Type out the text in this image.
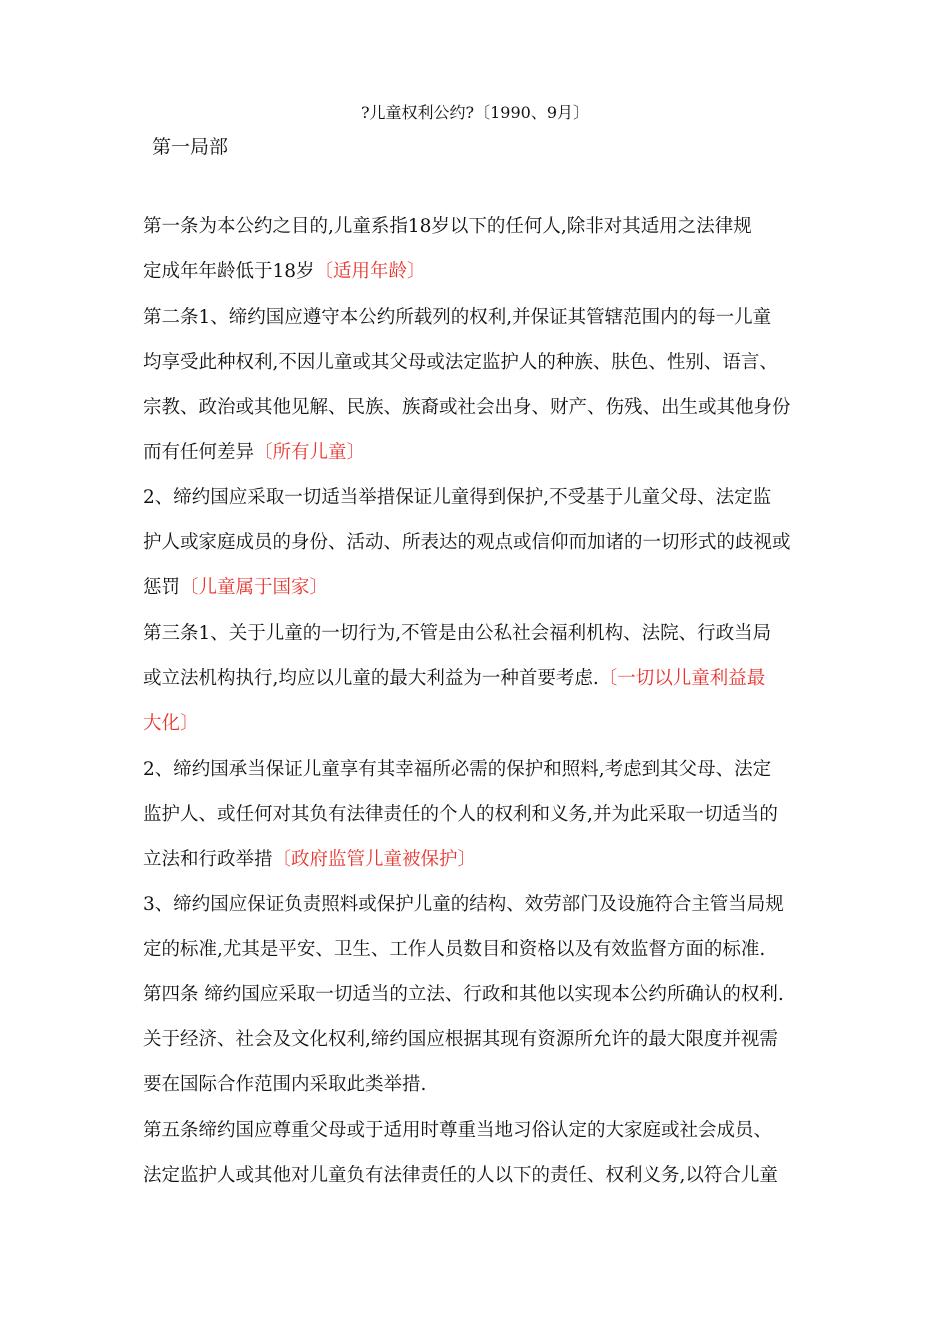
?儿童权利公约?〔1990、9月〕
第一局部
第一条为本公约之目的,儿童系指18岁以下的任何人,除非对其适用之法律规
定成年年龄低于18岁〔适用年龄〕
第二条1、缔约国应遵守本公约所载列的权利,并保证其管辖范围内的每一儿童
均享受此种权利,不因儿童或其父母或法定监护人的种族、肤色、性别、语言、
宗教、政治或其他见解、民族、族裔或社会出身、财产、伤残、出生或其他身份
而有任何差异〔所有儿童〕
2、缔约国应采取一切适当举措保证儿童得到保护,不受基于儿童父母、法定监
护人或家庭成员的身份、活动、所表达的观点或信仰而加诸的一切形式的歧视或
惩罚〔儿童属于国家〕
第三条1、关于儿童的一切行为,不管是由公私社会福利机构、法院、行政当局
或立法机构执行,均应以儿童的最大利益为一种首要考虑.〔一切以儿童利益最
大化〕
2、缔约国承当保证儿童享有其幸福所必需的保护和照料,考虑到其父母、法定
监护人、或任何对其负有法律责任的个人的权利和义务,并为此采取一切适当的
立法和行政举措〔政府监管儿童被保护〕
3、缔约国应保证负责照料或保护儿童的结构、效劳部门及设施符合主管当局规
定的标准,尤其是平安、卫生、工作人员数目和资格以及有效监督方面的标准.
第四条 缔约国应采取一切适当的立法、行政和其他以实现本公约所确认的权利.
关于经济、社会及文化权利,缔约国应根据其现有资源所允许的最大限度并视需
要在国际合作范围内采取此类举措.
第五条缔约国应尊重父母或于适用时尊重当地习俗认定的大家庭或社会成员、
法定监护人或其他对儿童负有法律责任的人以下的责任、权利义务,以符合儿童
